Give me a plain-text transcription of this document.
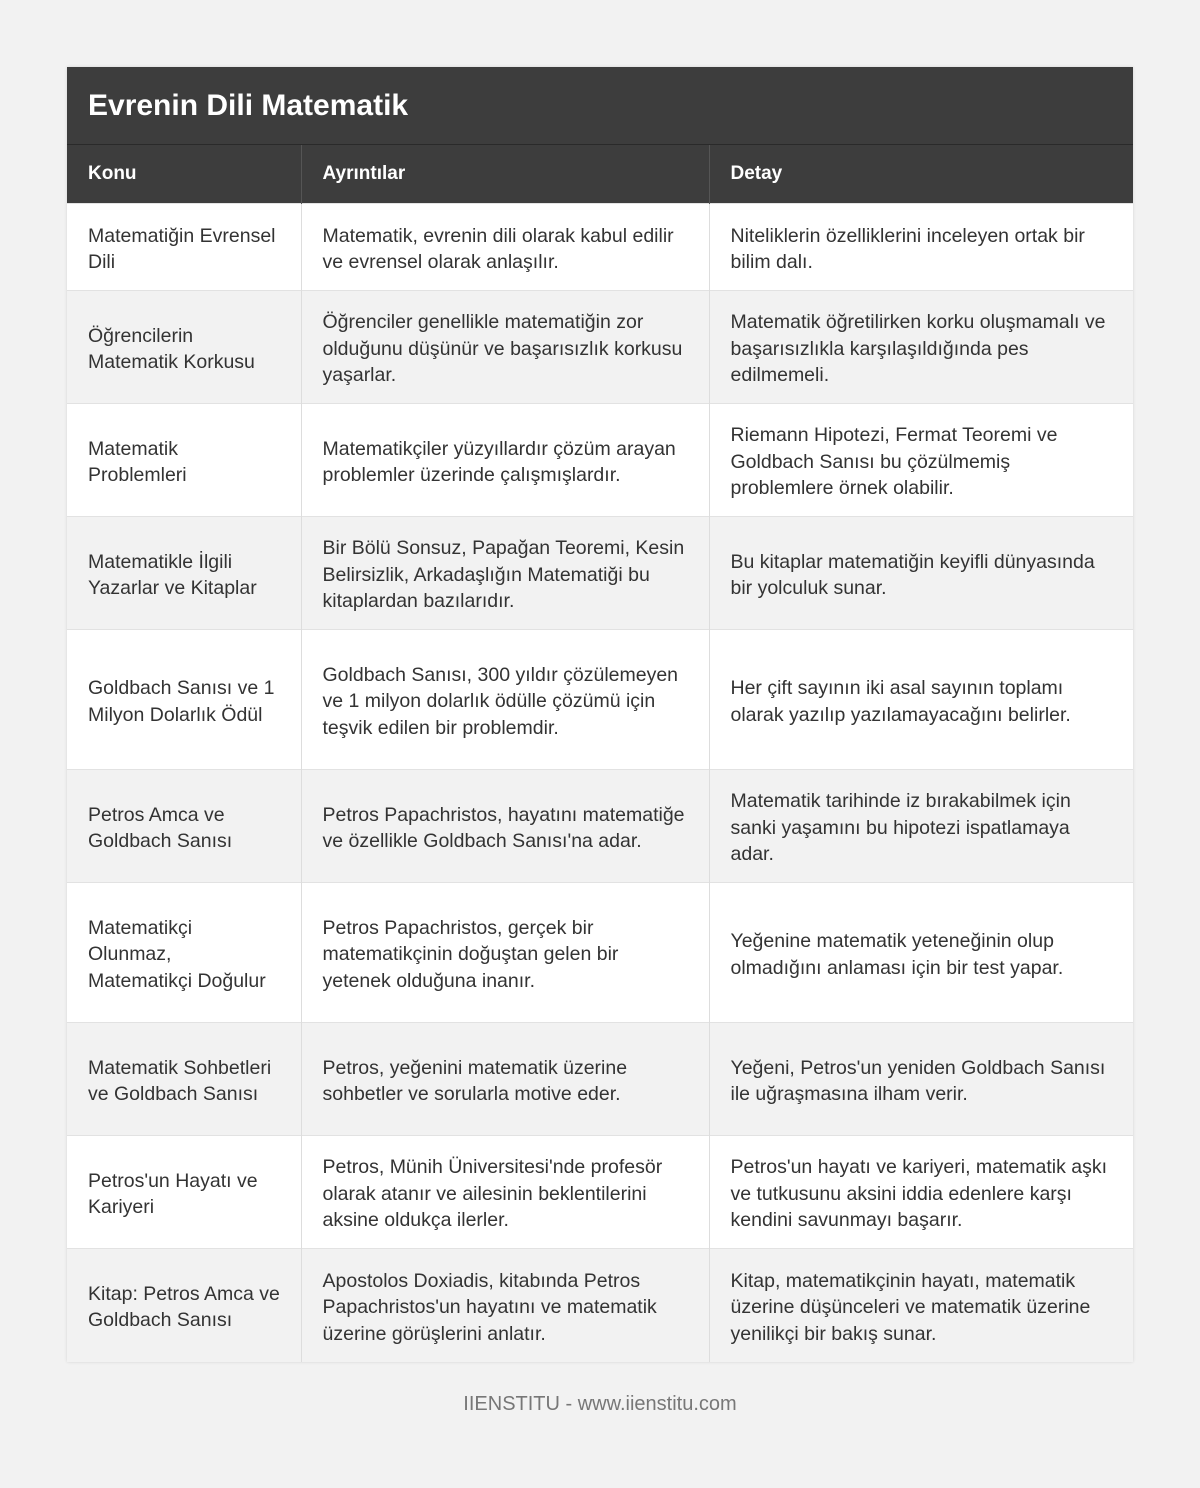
Evrenin Dili Matematik
Konu	Ayrıntılar	Detay
Matematiğin Evrensel Dili	Matematik, evrenin dili olarak kabul edilir ve evrensel olarak anlaşılır.	Niteliklerin özelliklerini inceleyen ortak bir bilim dalı.
Öğrencilerin Matematik Korkusu	Öğrenciler genellikle matematiğin zor olduğunu düşünür ve başarısızlık korkusu yaşarlar.	Matematik öğretilirken korku oluşmamalı ve başarısızlıkla karşılaşıldığında pes edilmemeli.
Matematik Problemleri	Matematikçiler yüzyıllardır çözüm arayan problemler üzerinde çalışmışlardır.	Riemann Hipotezi, Fermat Teoremi ve Goldbach Sanısı bu çözülmemiş problemlere örnek olabilir.
Matematikle İlgili Yazarlar ve Kitaplar	Bir Bölü Sonsuz, Papağan Teoremi, Kesin Belirsizlik, Arkadaşlığın Matematiği bu kitaplardan bazılarıdır.	Bu kitaplar matematiğin keyifli dünyasında bir yolculuk sunar.
Goldbach Sanısı ve 1 Milyon Dolarlık Ödül	Goldbach Sanısı, 300 yıldır çözülemeyen ve 1 milyon dolarlık ödülle çözümü için teşvik edilen bir problemdir.	Her çift sayının iki asal sayının toplamı olarak yazılıp yazılamayacağını belirler.
Petros Amca ve Goldbach Sanısı	Petros Papachristos, hayatını matematiğe ve özellikle Goldbach Sanısı'na adar.	Matematik tarihinde iz bırakabilmek için sanki yaşamını bu hipotezi ispatlamaya adar.
Matematikçi Olunmaz, Matematikçi Doğulur	Petros Papachristos, gerçek bir matematikçinin doğuştan gelen bir yetenek olduğuna inanır.	Yeğenine matematik yeteneğinin olup olmadığını anlaması için bir test yapar.
Matematik Sohbetleri ve Goldbach Sanısı	Petros, yeğenini matematik üzerine sohbetler ve sorularla motive eder.	Yeğeni, Petros'un yeniden Goldbach Sanısı ile uğraşmasına ilham verir.
Petros'un Hayatı ve Kariyeri	Petros, Münih Üniversitesi'nde profesör olarak atanır ve ailesinin beklentilerini aksine oldukça ilerler.	Petros'un hayatı ve kariyeri, matematik aşkı ve tutkusunu aksini iddia edenlere karşı kendini savunmayı başarır.
Kitap: Petros Amca ve Goldbach Sanısı	Apostolos Doxiadis, kitabında Petros Papachristos'un hayatını ve matematik üzerine görüşlerini anlatır.	Kitap, matematikçinin hayatı, matematik üzerine düşünceleri ve matematik üzerine yenilikçi bir bakış sunar.
IIENSTITU - www.iienstitu.com
